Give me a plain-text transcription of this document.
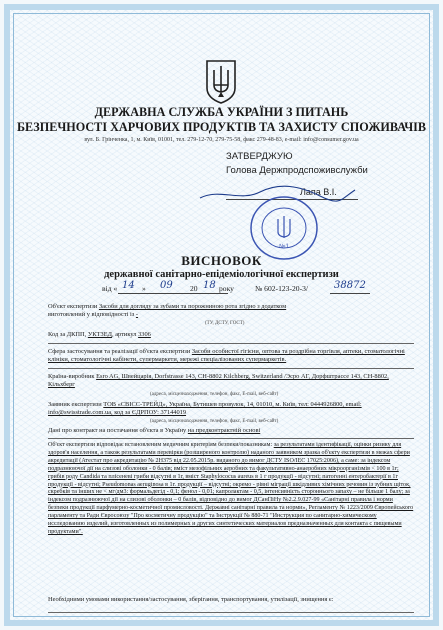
ДЕРЖАВНА СЛУЖБА УКРАЇНИ З ПИТАНЬ
БЕЗПЕЧНОСТІ ХАРЧОВИХ ПРОДУКТІВ ТА ЗАХИСТУ СПОЖИВАЧІВ
вул. Б. Грінченка, 1, м. Київ, 01001, тел. 279-12-70, 279-75-58, факс 279-48-83, e-mail: info@consumer.gov.ua
ЗАТВЕРДЖУЮ
Голова Держпродспоживслужби
Лапа В.І.
№1
ВИСНОВОК
державної санітарно-епідеміологічної експертизи
від « 14 » 09 20 18 року	№ 602-123-20-3/	38872
Об'єкт експертизи Засоби для догляду за зубами та порожниною рота згідно з додатком
виготовлений у відповідності із -
(ТУ, ДСТУ, ГОСТ)
Код за ДКПП, УКТЗЕД, артикул 3306
Сфера застосування та реалізації об'єкта експертизи Засоби особистої гігієни, оптова та роздрібна торгівля, аптеки, стоматологічні клініки, стоматологічні кабінети, супермаркети, мережі спеціалізованих супермаркетів.
Країна-виробник Esro AG, Швейцарія, Dorfstrasse 143, CH-8802 Kilchberg, Switzerland /Эсро АГ, Дорфштрассе 143, CH-8802, Кільхберг
(адреса, місцезнаходження, телефон, факс, E-mail, веб-сайт)
Заявник експертизи ТОВ «СВІСС-ТРЕЙД», Україна, Бутишев провулок, 14, 01010, м. Київ, тел: 0444926800, email: info@swisstrade.com.ua, код за ЄДРПОУ: 37144019
(адреса, місцезнаходження, телефон, факс, E-mail, веб-сайт)
Дані про контракт на постачання об'єкта в Україну на предконтрактній основі
Об'єкт експертизи відповідає встановленим медичним критеріям безпеки/показникам: за результатами ідентифікації, оцінки ризику для здоров'я населення, а також результатами перевірки (розширеного контролю) наданого заявником зразка об'єкту експертизи в межах сфери акредитації (Атестат про акредитацію № 2Н375 від 22.05.2015р. виданого до вимог ДСТУ ISO/IEC 17025:2006), а саме: за індексом подразнюючої дії на слизові оболонки - 0 балів; вміст мезофільних аеробних та факультативно-анаеробних мікроорганізмів < 100 в 1г; грибів роду Candida та плісеневі гриби відсутні в 1г, вміст Staphylococus aureus в 1 г продукції - відсутні; патогенні ентеробактерії в 1г продукції - відсутні; Pseudomonas aeruginosa в 1г. продукції – відсутні; окремо - рівні міграції шкідливих хімічних речовин із зубних щіток, скребків та інших не < мг/дм3: формальдегід - 0,1; фенол - 0,01; капролактам - 0,5, інтенсивність стороннього запаху – не більше 1 балу; за індексом подразнюючої дії на слизові оболонки – 0 балів, відповідно до вимог ДСанПіНу №2.2.9.027-99 «Санітарні правила і норми безпеки продукції парфумерно-косметичної промисловості. Державні санітарні правила та норми», Регламенту № 1223/2009 Європейського парламенту та Ради Євросоюзу "Про косметичну продукцію" та Інструкції № 880-71 "Инструкция по санитарно-химическому исследованию изделий, изготовленных из полимерных и других синтетических материалов предназначенных для контакта с пищевыми продуктами".
Необхідними умовами використання/застосування, зберігання, транспортування, утилізації, знищення є:
